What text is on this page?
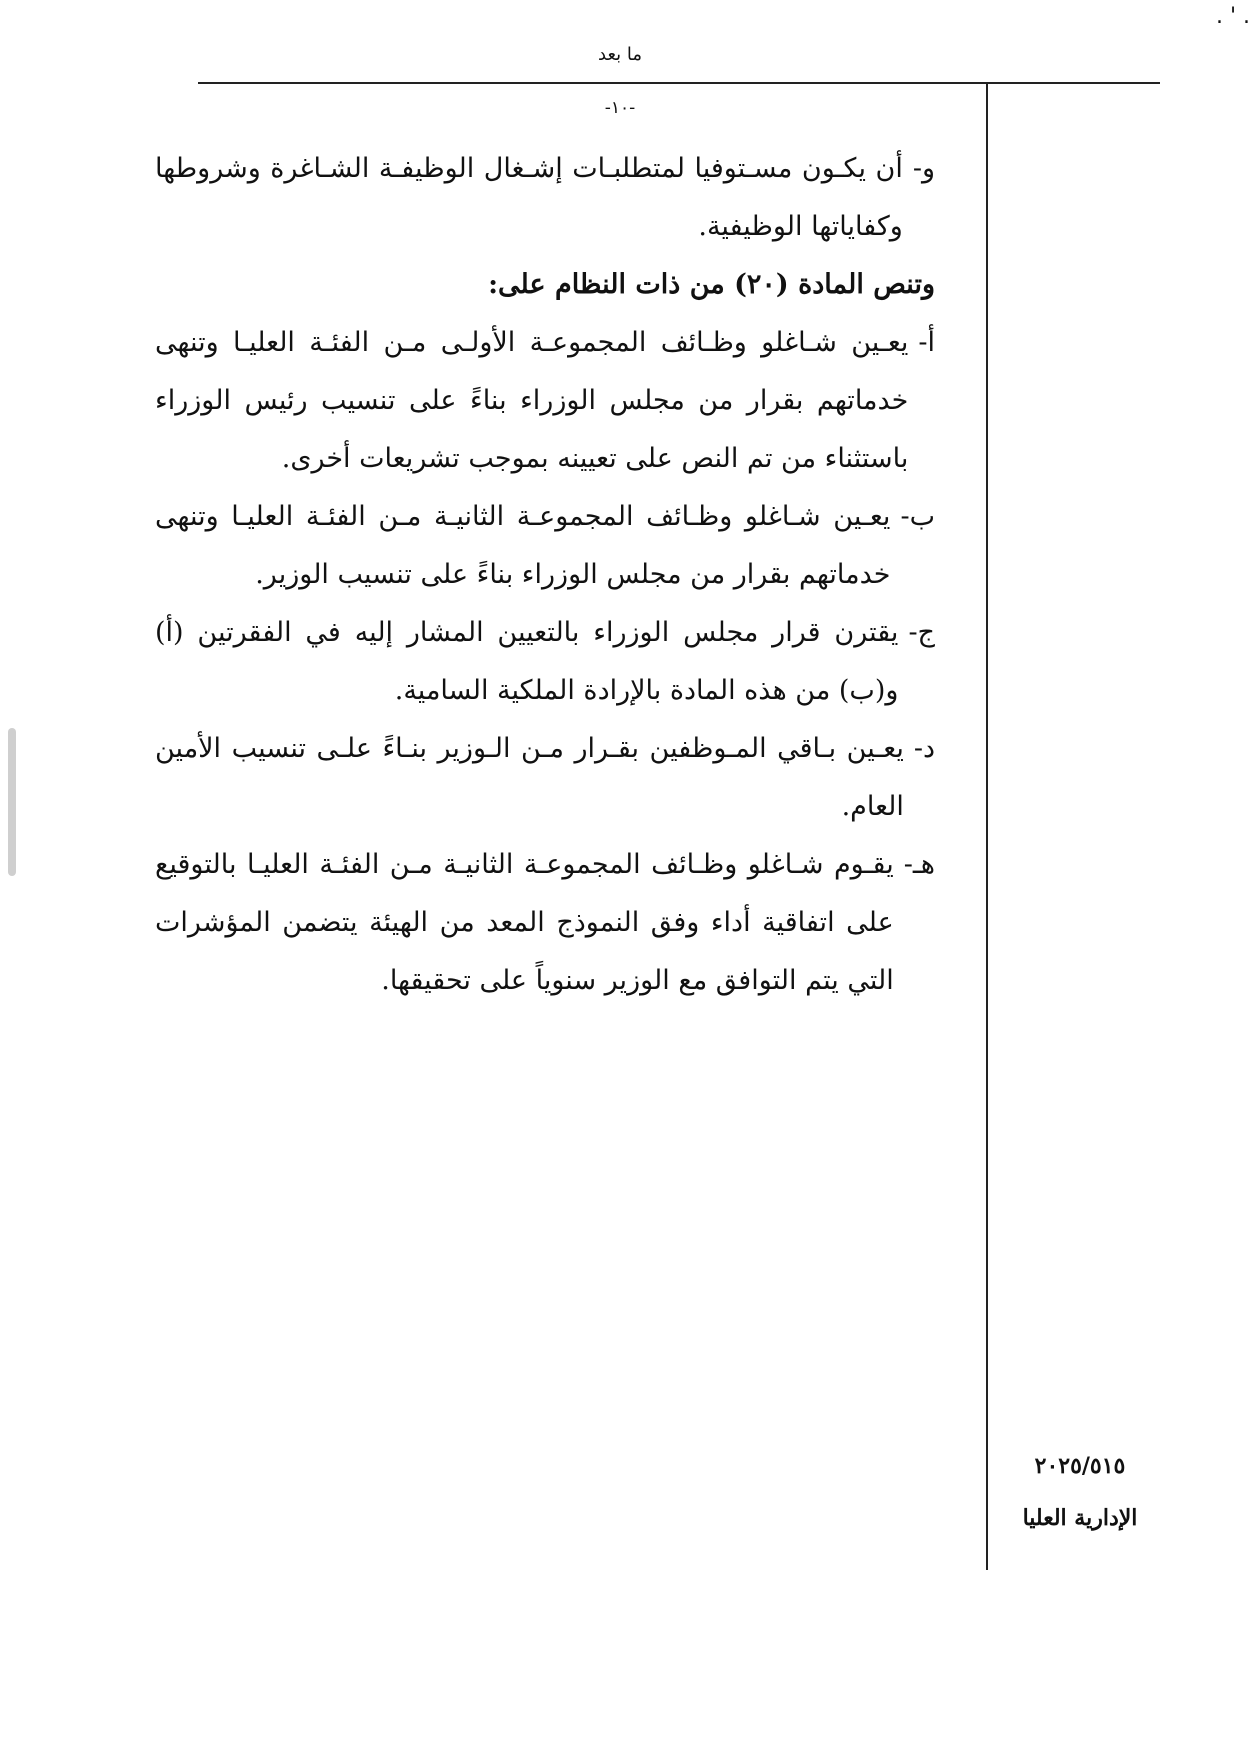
. ' .
ما بعد
-١٠-
و-
أن يكـون مسـتوفيا لمتطلبـات إشـغال الوظيفـة الشـاغرة وشروطها وكفاياتها الوظيفية.

وتنص المادة (٢٠) من ذات النظام على:

أ-
يعـين شـاغلو وظـائف المجموعـة الأولـى مـن الفئـة العليـا وتنهى خدماتهم بقرار من مجلس الوزراء بناءً على تنسيب رئيس الوزراء باستثناء من تم النص على تعيينه بموجب تشريعات أخرى.
ب-
يعـين شـاغلو وظـائف المجموعـة الثانيـة مـن الفئـة العليـا وتنهى خدماتهم بقرار من مجلس الوزراء بناءً على تنسيب الوزير.
ج-
يقترن قرار مجلس الوزراء بالتعيين المشار إليه في الفقرتين (أ) و(ب) من هذه المادة بالإرادة الملكية السامية.
د-
يعـين بـاقي المـوظفين بقـرار مـن الـوزير بنـاءً علـى تنسيب الأمين العام.
هـ-
يقـوم شـاغلو وظـائف المجموعـة الثانيـة مـن الفئـة العليـا بالتوقيع على اتفاقية أداء وفق النموذج المعد من الهيئة يتضمن المؤشرات التي يتم التوافق مع الوزير سنوياً على تحقيقها.
٢٠٢٥/٥١٥
الإدارية العليا
